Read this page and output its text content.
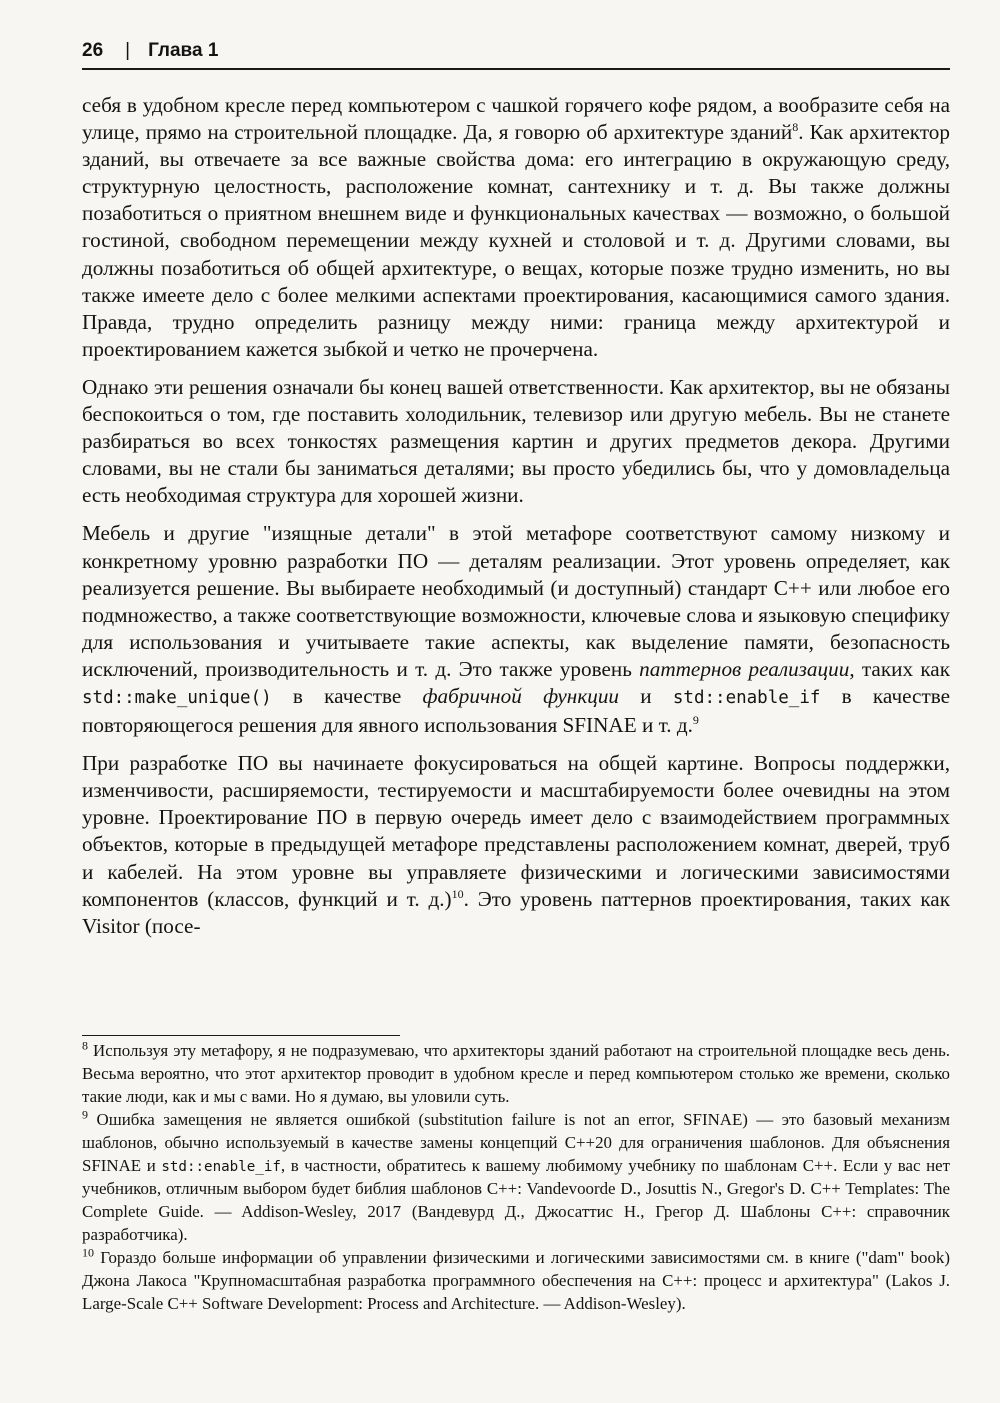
26 | Глава 1

себя в удобном кресле перед компьютером с чашкой горячего кофе рядом, а вообразите себя на улице, прямо на строительной площадке. Да, я говорю об архитектуре зданий$^8$. Как архитектор зданий, вы отвечаете за все важные свойства дома: его интеграцию в окружающую среду, структурную целостность, расположение комнат, сантехнику и т. д. Вы также должны позаботиться о приятном внешнем виде и функциональных качествах — возможно, о большой гостиной, свободном перемещении между кухней и столовой и т. д. Другими словами, вы должны позаботиться об общей архитектуре, о вещах, которые позже трудно изменить, но вы также имеете дело с более мелкими аспектами проектирования, касающимися самого здания. Правда, трудно определить разницу между ними: граница между архитектурой и проектированием кажется зыбкой и четко не прочерчена.

Однако эти решения означали бы конец вашей ответственности. Как архитектор, вы не обязаны беспокоиться о том, где поставить холодильник, телевизор или другую мебель. Вы не станете разбираться во всех тонкостях размещения картин и других предметов декора. Другими словами, вы не стали бы заниматься деталями; вы просто убедились бы, что у домовладельца есть необходимая структура для хорошей жизни.

Мебель и другие "изящные детали" в этой метафоре соответствуют самому низкому и конкретному уровню разработки ПО — деталям реализации. Этот уровень определяет, как реализуется решение. Вы выбираете необходимый (и доступный) стандарт C++ или любое его подмножество, а также соответствующие возможности, ключевые слова и языковую специфику для использования и учитываете такие аспекты, как выделение памяти, безопасность исключений, производительность и т. д. Это также уровень паттернов реализации, таких как std::make_unique() в качестве фабричной функции и std::enable_if в качестве повторяющегося решения для явного использования SFINAE и т. д.$^9$

При разработке ПО вы начинаете фокусироваться на общей картине. Вопросы поддержки, изменчивости, расширяемости, тестируемости и масштабируемости более очевидны на этом уровне. Проектирование ПО в первую очередь имеет дело с взаимодействием программных объектов, которые в предыдущей метафоре представлены расположением комнат, дверей, труб и кабелей. На этом уровне вы управляете физическими и логическими зависимостями компонентов (классов, функций и т. д.)$^{10}$. Это уровень паттернов проектирования, таких как Visitor (посе-

$^8$ Используя эту метафору, я не подразумеваю, что архитекторы зданий работают на строительной площадке весь день. Весьма вероятно, что этот архитектор проводит в удобном кресле и перед компьютером столько же времени, сколько такие люди, как и мы с вами. Но я думаю, вы уловили суть.

$^9$ Ошибка замещения не является ошибкой (substitution failure is not an error, SFINAE) — это базовый механизм шаблонов, обычно используемый в качестве замены концепций C++20 для ограничения шаблонов. Для объяснения SFINAE и std::enable_if, в частности, обратитесь к вашему любимому учебнику по шаблонам C++. Если у вас нет учебников, отличным выбором будет библия шаблонов C++: Vandevoorde D., Josuttis N., Gregor's D. C++ Templates: The Complete Guide. — Addison-Wesley, 2017 (Вандевурд Д., Джосаттис Н., Грегор Д. Шаблоны C++: справочник разработчика).

$^{10}$ Гораздо больше информации об управлении физическими и логическими зависимостями см. в книге ("dam" book) Джона Лакоса "Крупномасштабная разработка программного обеспечения на C++: процесс и архитектура" (Lakos J. Large-Scale C++ Software Development: Process and Architecture. — Addison-Wesley).
